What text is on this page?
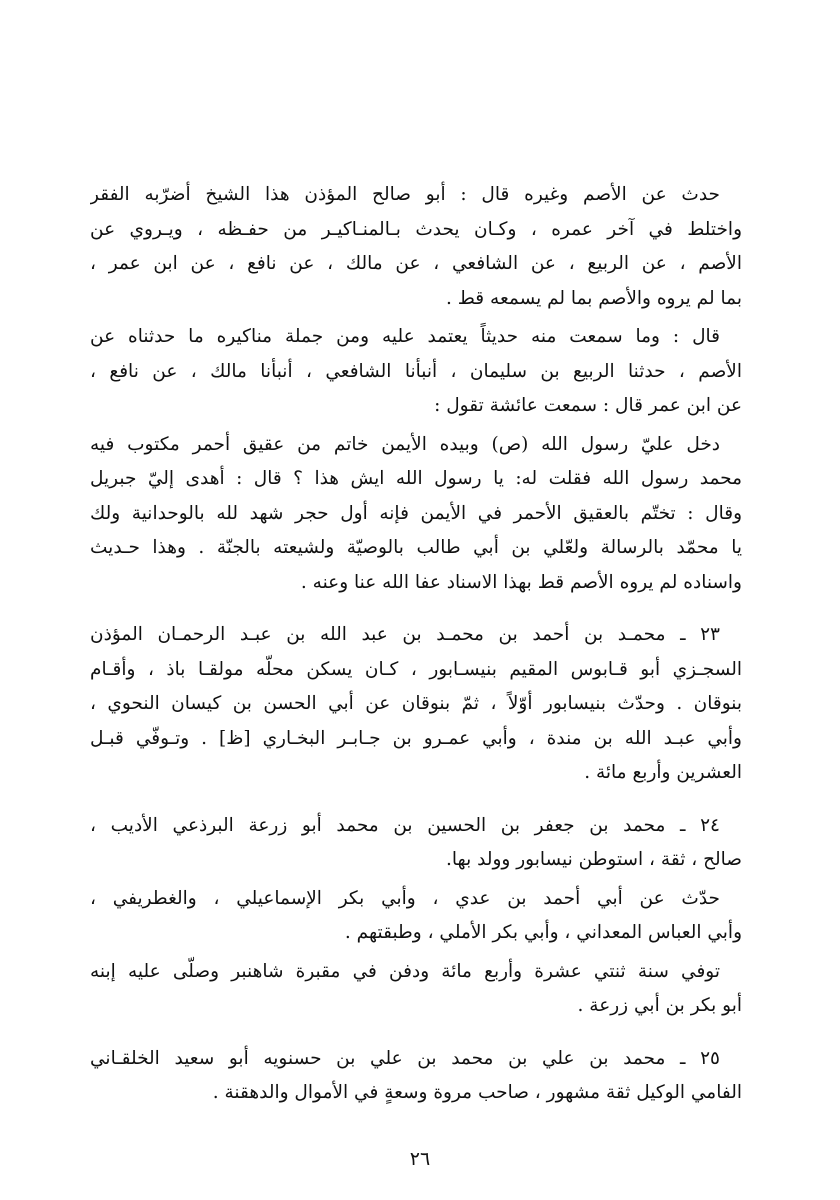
حدث عن الأصم وغيره قال : أبو صالح المؤذن هذا الشيخ أضرّبه الفقر
واختلط في آخر عمره ، وكـان يحدث بـالمنـاكيـر من حفـظه ، ويـروي عن
الأصم ، عن الربيع ، عن الشافعي ، عن مالك ، عن نافع ، عن ابن عمر ،
بما لم يروه والأصم بما لم يسمعه قط .
قال : وما سمعت منه حديثاً يعتمد عليه ومن جملة مناكيره ما حدثناه عن
الأصم ، حدثنا الربيع بن سليمان ، أنبأنا الشافعي ، أنبأنا مالك ، عن نافع ،
عن ابن عمر قال : سمعت عائشة تقول :
دخل عليّ رسول الله (ص) وبيده الأيمن خاتم من عقيق أحمر مكتوب فيه
محمد رسول الله فقلت له: يا رسول الله ايش هذا ؟ قال : أهدى إليّ جبريل
وقال : تختّم بالعقيق الأحمر في الأيمن فإنه أول حجر شهد لله بالوحدانية ولك
يا محمّد بالرسالة ولعّلي بن أبي طالب بالوصيّة ولشيعته بالجنّة . وهذا حـديث
واسناده لم يروه الأصم قط بهذا الاسناد عفا الله عنا وعنه .
٢٣ ـ محمـد بن أحمد بن محمـد بن عبد الله بن عبـد الرحمـان المؤذن
السجـزي أبو قـابوس المقيم بنيسـابور ، كـان يسكن محلّه مولقـا باذ ، وأقـام
بنوقان . وحدّث بنيسابور أوّلاً ، ثمّ بنوقان عن أبي الحسن بن كيسان النحوي ،
وأبي عبـد الله بن مندة ، وأبي عمـرو بن جـابـر البخـاري [ظ] . وتـوفّي قبـل
العشرين وأربع مائة .
٢٤ ـ محمد بن جعفر بن الحسين بن محمد أبو زرعة البرذعي الأديب ،
صالح ، ثقة ، استوطن نيسابور وولد بها.
حدّث عن أبي أحمد بن عدي ، وأبي بكر الإسماعيلي ، والغطريفي ،
وأبي العباس المعداني ، وأبي بكر الأملي ، وطبقتهم .
توفي سنة ثنتي عشرة وأربع مائة ودفن في مقبرة شاهنبر وصلّى عليه إبنه
أبو بكر بن أبي زرعة .
٢٥ ـ محمد بن علي بن محمد بن علي بن حسنويه أبو سعيد الخلقـاني
الفامي الوكيل ثقة مشهور ، صاحب مروة وسعةٍ في الأموال والدهقنة .
٢٦
